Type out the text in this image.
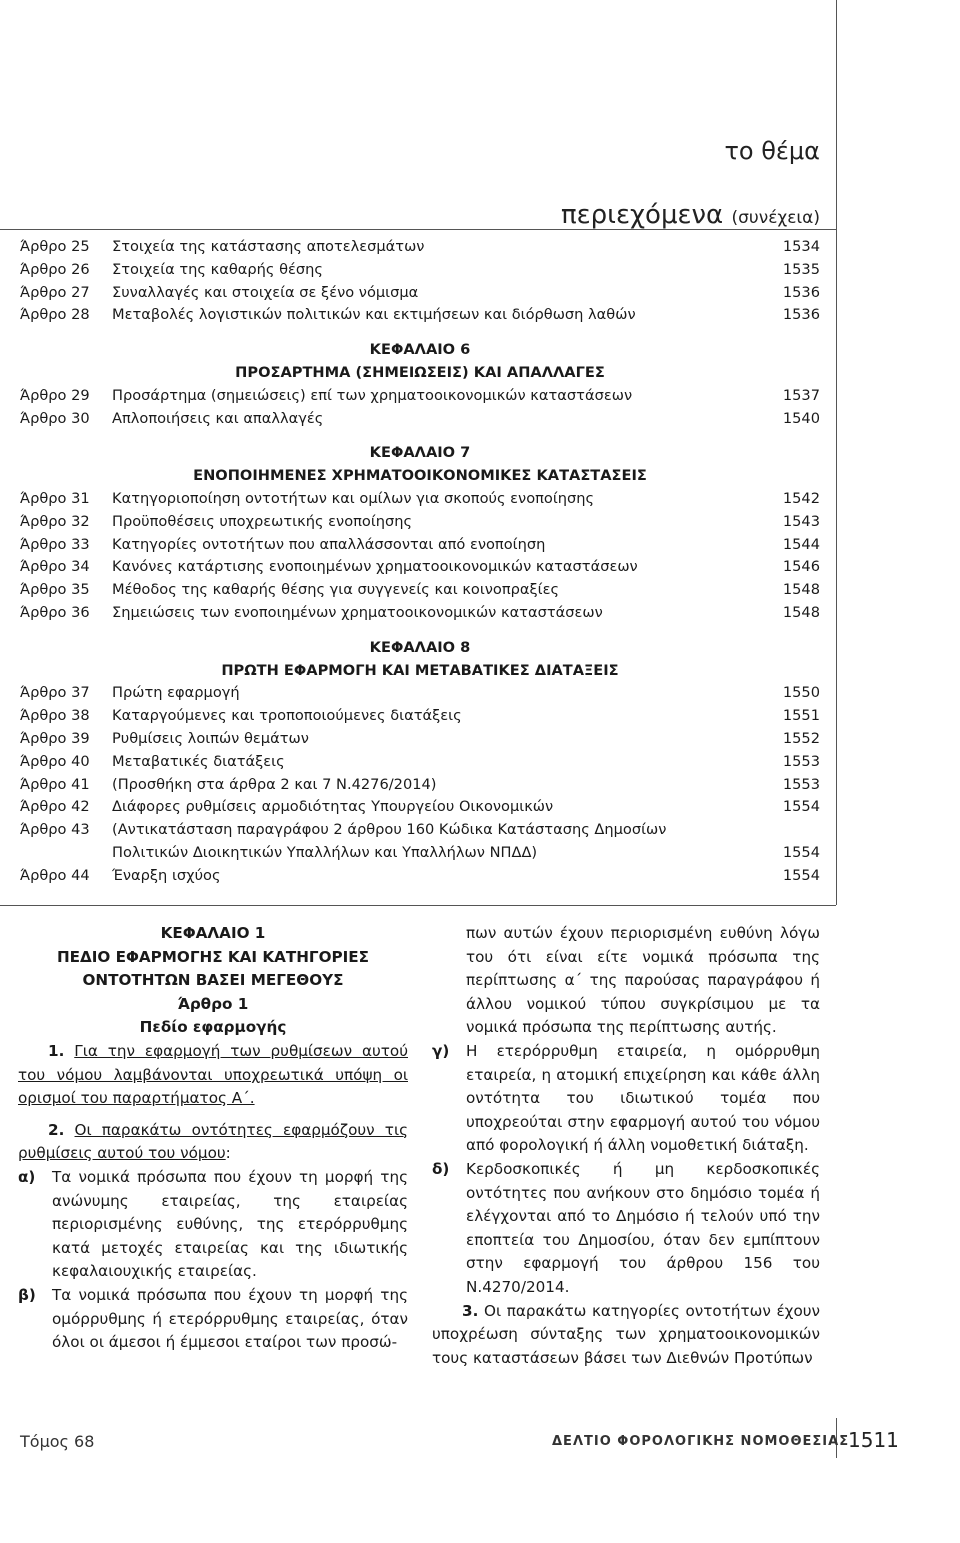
το θέμα
περιεχόμενα (συνέχεια)
Άρθρο 25 Στοιχεία της κατάστασης αποτελεσμάτων	1534
Άρθρο 26 Στοιχεία της καθαρής θέσης	1535
Άρθρο 27 Συναλλαγές και στοιχεία σε ξένο νόμισμα	1536
Άρθρο 28 Μεταβολές λογιστικών πολιτικών και εκτιμήσεων και διόρθωση λαθών	1536
ΚΕΦΑΛΑΙΟ 6
ΠΡΟΣΑΡΤΗΜΑ (ΣΗΜΕΙΩΣΕΙΣ) ΚΑΙ ΑΠΑΛΛΑΓΕΣ
Άρθρο 29 Προσάρτημα (σημειώσεις) επί των χρηματοοικονομικών καταστάσεων	1537
Άρθρο 30 Απλοποιήσεις και απαλλαγές	1540
ΚΕΦΑΛΑΙΟ 7
ΕΝΟΠΟΙΗΜΕΝΕΣ ΧΡΗΜΑΤΟΟΙΚΟΝΟΜΙΚΕΣ ΚΑΤΑΣΤΑΣΕΙΣ
Άρθρο 31 Κατηγοριοποίηση οντοτήτων και ομίλων για σκοπούς ενοποίησης	1542
Άρθρο 32 Προϋποθέσεις υποχρεωτικής ενοποίησης	1543
Άρθρο 33 Κατηγορίες οντοτήτων που απαλλάσσονται από ενοποίηση	1544
Άρθρο 34 Κανόνες κατάρτισης ενοποιημένων χρηματοοικονομικών καταστάσεων	1546
Άρθρο 35 Μέθοδος της καθαρής θέσης για συγγενείς και κοινοπραξίες	1548
Άρθρο 36 Σημειώσεις των ενοποιημένων χρηματοοικονομικών καταστάσεων	1548
ΚΕΦΑΛΑΙΟ 8
ΠΡΩΤΗ ΕΦΑΡΜΟΓΗ ΚΑΙ ΜΕΤΑΒΑΤΙΚΕΣ ΔΙΑΤΑΞΕΙΣ
Άρθρο 37 Πρώτη εφαρμογή	1550
Άρθρο 38 Καταργούμενες και τροποποιούμενες διατάξεις	1551
Άρθρο 39 Ρυθμίσεις λοιπών θεμάτων	1552
Άρθρο 40 Μεταβατικές διατάξεις	1553
Άρθρο 41 (Προσθήκη στα άρθρα 2 και 7 Ν.4276/2014)	1553
Άρθρο 42 Διάφορες ρυθμίσεις αρμοδιότητας Υπουργείου Οικονομικών	1554
Άρθρο 43 (Αντικατάσταση παραγράφου 2 άρθρου 160 Κώδικα Κατάστασης Δημοσίων
Πολιτικών Διοικητικών Υπαλλήλων και Υπαλλήλων ΝΠΔΔ)	1554
Άρθρο 44 Έναρξη ισχύος	1554
ΚΕΦΑΛΑΙΟ 1
ΠΕΔΙΟ ΕΦΑΡΜΟΓΗΣ ΚΑΙ ΚΑΤΗΓΟΡΙΕΣ
ΟΝΤΟΤΗΤΩΝ ΒΑΣΕΙ ΜΕΓΕΘΟΥΣ
Άρθρο 1
Πεδίο εφαρμογής

1. Για την εφαρμογή των ρυθμίσεων αυτού του νόμου λαμβάνονται υποχρεωτικά υπόψη οι ορισμοί του παραρτήματος Α΄.

2. Οι παρακάτω οντότητες εφαρμόζουν τις ρυθμίσεις αυτού του νόμου:

α) Τα νομικά πρόσωπα που έχουν τη μορφή της ανώνυμης εταιρείας, της εταιρείας περιορισμένης ευθύνης, της ετερόρρυθμης κατά μετοχές εταιρείας και της ιδιωτικής κεφαλαιουχικής εταιρείας.

β) Τα νομικά πρόσωπα που έχουν τη μορφή της ομόρρυθμης ή ετερόρρυθμης εταιρείας, όταν όλοι οι άμεσοι ή έμμεσοι εταίροι των προσώ-

πων αυτών έχουν περιορισμένη ευθύνη λόγω του ότι είναι είτε νομικά πρόσωπα της περίπτωσης α΄ της παρούσας παραγράφου ή άλλου νομικού τύπου συγκρίσιμου με τα νομικά πρόσωπα της περίπτωσης αυτής.

γ) Η ετερόρρυθμη εταιρεία, η ομόρρυθμη εταιρεία, η ατομική επιχείρηση και κάθε άλλη οντότητα του ιδιωτικού τομέα που υποχρεούται στην εφαρμογή αυτού του νόμου από φορολογική ή άλλη νομοθετική διάταξη.

δ) Κερδοσκοπικές ή μη κερδοσκοπικές οντότητες που ανήκουν στο δημόσιο τομέα ή ελέγχονται από το Δημόσιο ή τελούν υπό την εποπτεία του Δημοσίου, όταν δεν εμπίπτουν στην εφαρμογή του άρθρου 156 του Ν.4270/2014.

3. Οι παρακάτω κατηγορίες οντοτήτων έχουν υποχρέωση σύνταξης των χρηματοοικονομικών τους καταστάσεων βάσει των Διεθνών Προτύπων

Τόμος 68	ΔΕΛΤΙΟ ΦΟΡΟΛΟΓΙΚΗΣ ΝΟΜΟΘΕΣΙΑΣ
1511
